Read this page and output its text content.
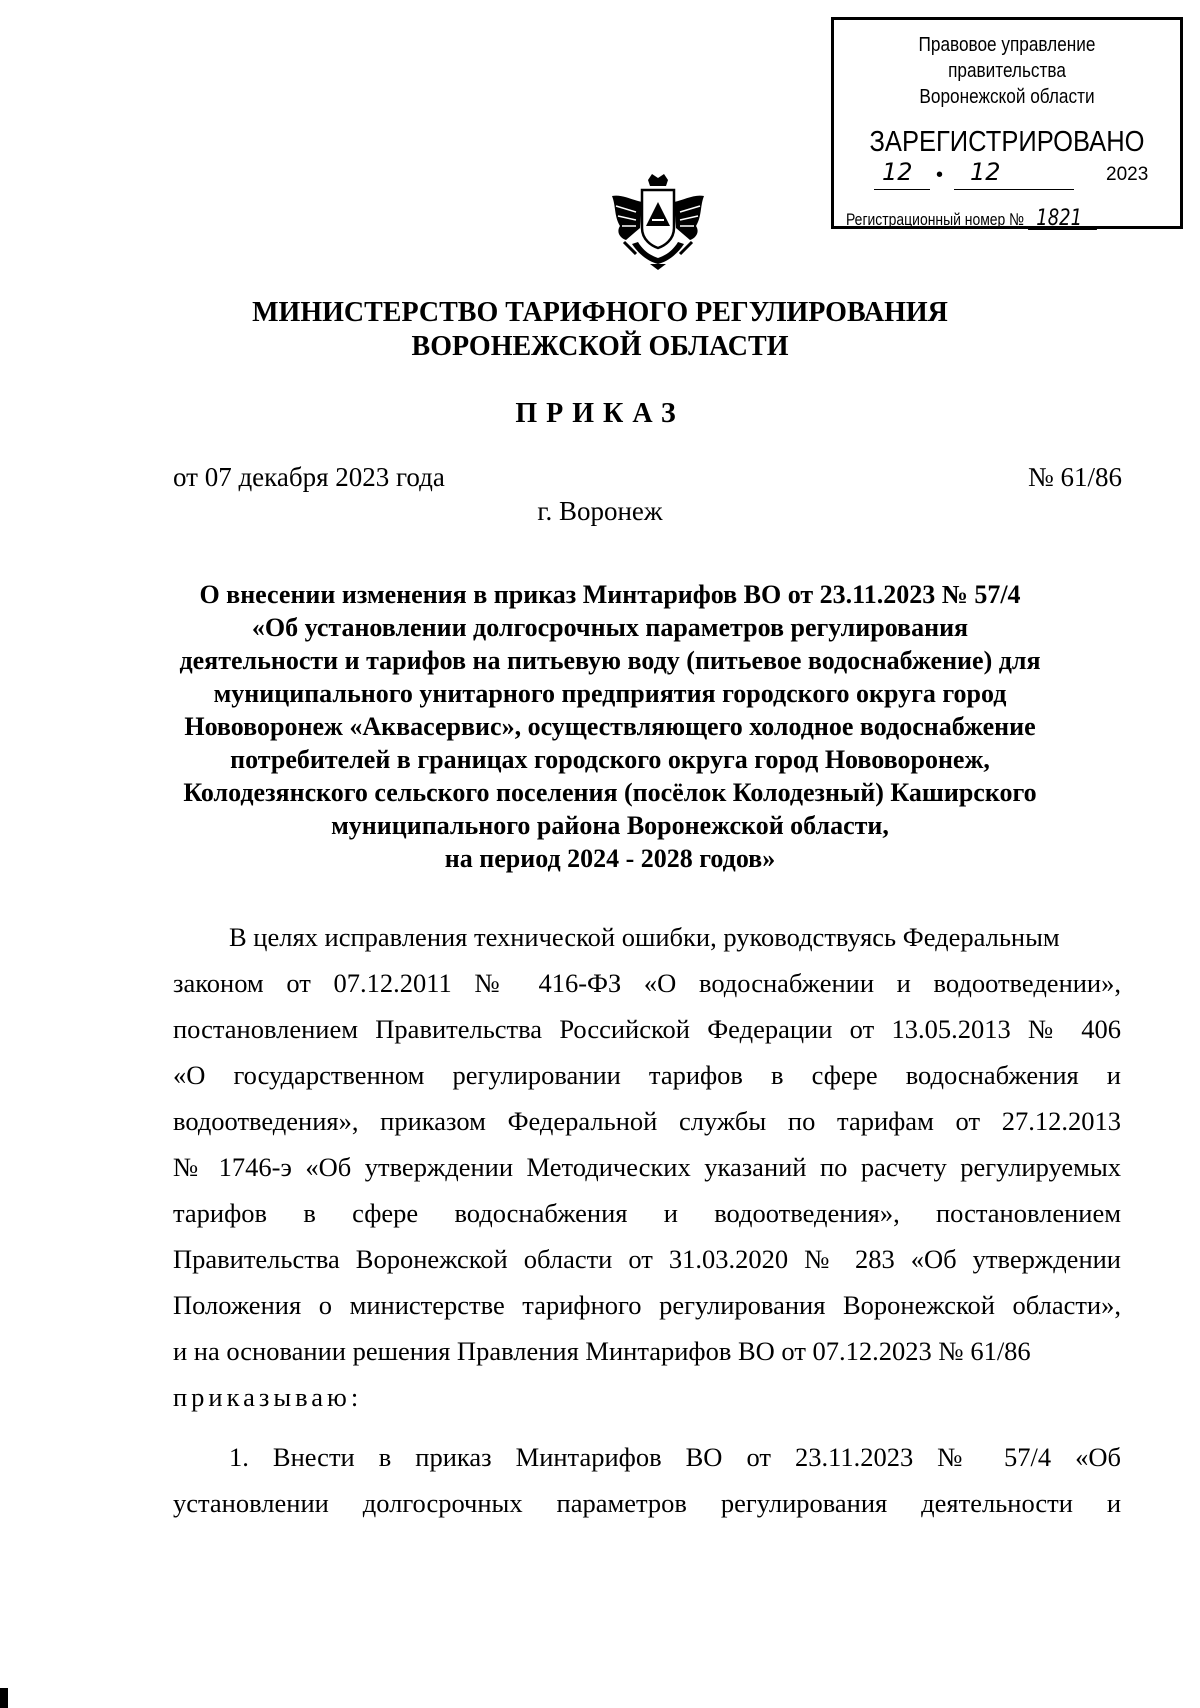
Правовое управление правительства
Воронежской области
ЗАРЕГИСТРИРОВАНО
12 • 12	2023
Регистрационный номер № 1821
МИНИСТЕРСТВО ТАРИФНОГО РЕГУЛИРОВАНИЯ
ВОРОНЕЖСКОЙ ОБЛАСТИ
ПРИКАЗ
от 07 декабря 2023 года	№ 61/86
г. Воронеж
О внесении изменения в приказ Минтарифов ВО от 23.11.2023 № 57/4
«Об установлении долгосрочных параметров регулирования
деятельности и тарифов на питьевую воду (питьевое водоснабжение) для
муниципального унитарного предприятия городского округа город
Нововоронеж «Аквасервис», осуществляющего холодное водоснабжение
потребителей в границах городского округа город Нововоронеж,
Колодезянского сельского поселения (посёлок Колодезный) Каширского
муниципального района Воронежской области,
на период 2024 - 2028 годов»
В целях исправления технической ошибки, руководствуясь Федеральным
законом от 07.12.2011 № 416-ФЗ «О водоснабжении и водоотведении»,
постановлением Правительства Российской Федерации от 13.05.2013 № 406
«О государственном регулировании тарифов в сфере водоснабжения и
водоотведения», приказом Федеральной службы по тарифам от 27.12.2013
№ 1746-э «Об утверждении Методических указаний по расчету регулируемых
тарифов в сфере водоснабжения и водоотведения», постановлением
Правительства Воронежской области от 31.03.2020 № 283 «Об утверждении
Положения о министерстве тарифного регулирования Воронежской области»,
и на основании решения Правления Минтарифов ВО от 07.12.2023 № 61/86
приказываю:
1. Внести в приказ Минтарифов ВО от 23.11.2023 № 57/4 «Об
установлении долгосрочных параметров регулирования деятельности и
